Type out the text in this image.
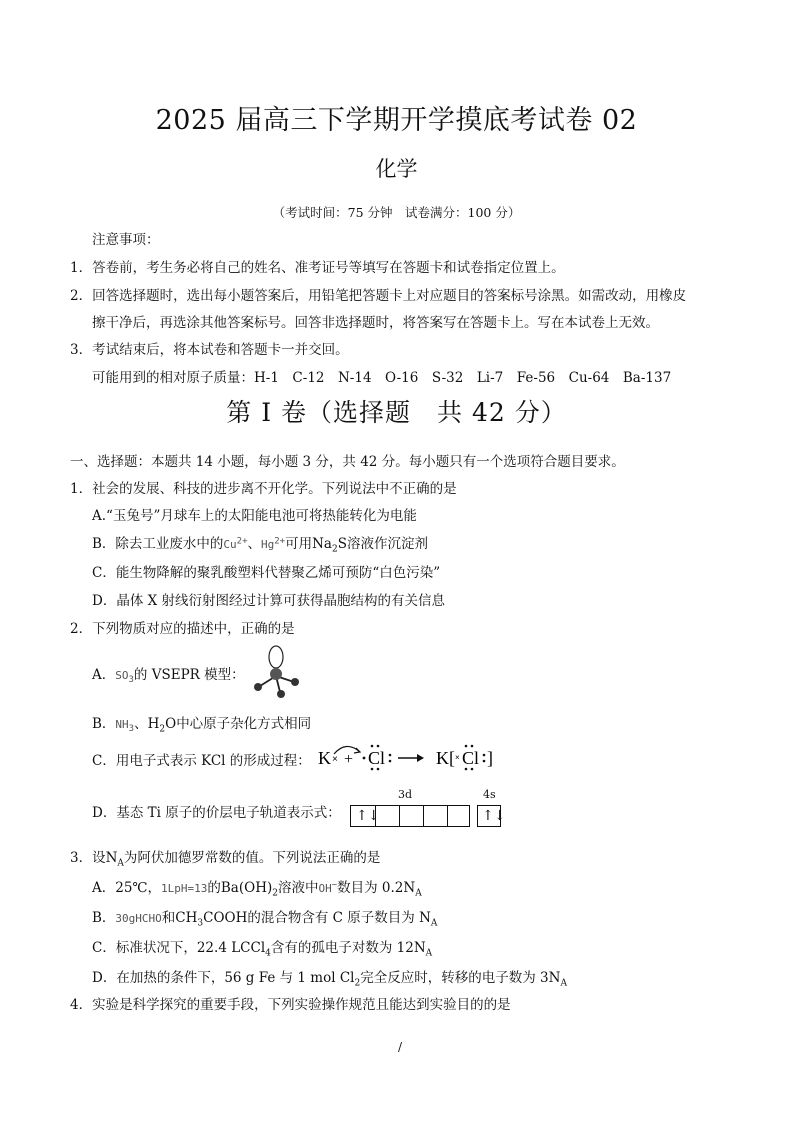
2025 届高三下学期开学摸底考试卷 02
化学
（考试时间：75 分钟　试卷满分：100 分）
注意事项：
1．答卷前，考生务必将自己的姓名、准考证号等填写在答题卡和试卷指定位置上。
2．回答选择题时，选出每小题答案后，用铅笔把答题卡上对应题目的答案标号涂黑。如需改动，用橡皮
擦干净后，再选涂其他答案标号。回答非选择题时，将答案写在答题卡上。写在本试卷上无效。
3．考试结束后，将本试卷和答题卡一并交回。
可能用到的相对原子质量：H-1　C-12　N-14　O-16　S-32　Li-7　Fe-56　Cu-64　Ba-137
第 I 卷（选择题　共 42 分）
一、选择题：本题共 14 小题，每小题 3 分，共 42 分。每小题只有一个选项符合题目要求。
1．社会的发展、科技的进步离不开化学。下列说法中不正确的是
A.“玉兔号”月球车上的太阳能电池可将热能转化为电能
B．除去工业废水中的$Cu^{2+}$、$Hg^{2+}$可用$Na_2S$溶液作沉淀剂
C．能生物降解的聚乳酸塑料代替聚乙烯可预防“白色污染”
D．晶体 X 射线衍射图经过计算可获得晶胞结构的有关信息
2．下列物质对应的描述中，正确的是
A．$SO_3$的 VSEPR 模型：
B．$NH_3$、$H_2O$中心原子杂化方式相同
C．用电子式表示 KCl 的形成过程： K × + Cl	K [ × Cl ]
D．基态 Ti 原子的价层电子轨道表示式：
3d	4s
↑↓	↑↓
3．设$N_A$为阿伏加德罗常数的值。下列说法正确的是
A．25℃，1LpH=13的$Ba(OH)_2$溶液中OH−数目为 $0.2N_A$
B．30gHCHO和$CH_3COOH$的混合物含有 C 原子数目为 $N_A$
C．标准状况下，22.4 LCCl$_4$含有的孤电子对数为 $12N_A$
D．在加热的条件下，56 g Fe 与 1 mol $Cl_2$完全反应时，转移的电子数为 $3N_A$
4．实验是科学探究的重要手段，下列实验操作规范且能达到实验目的的是
/
